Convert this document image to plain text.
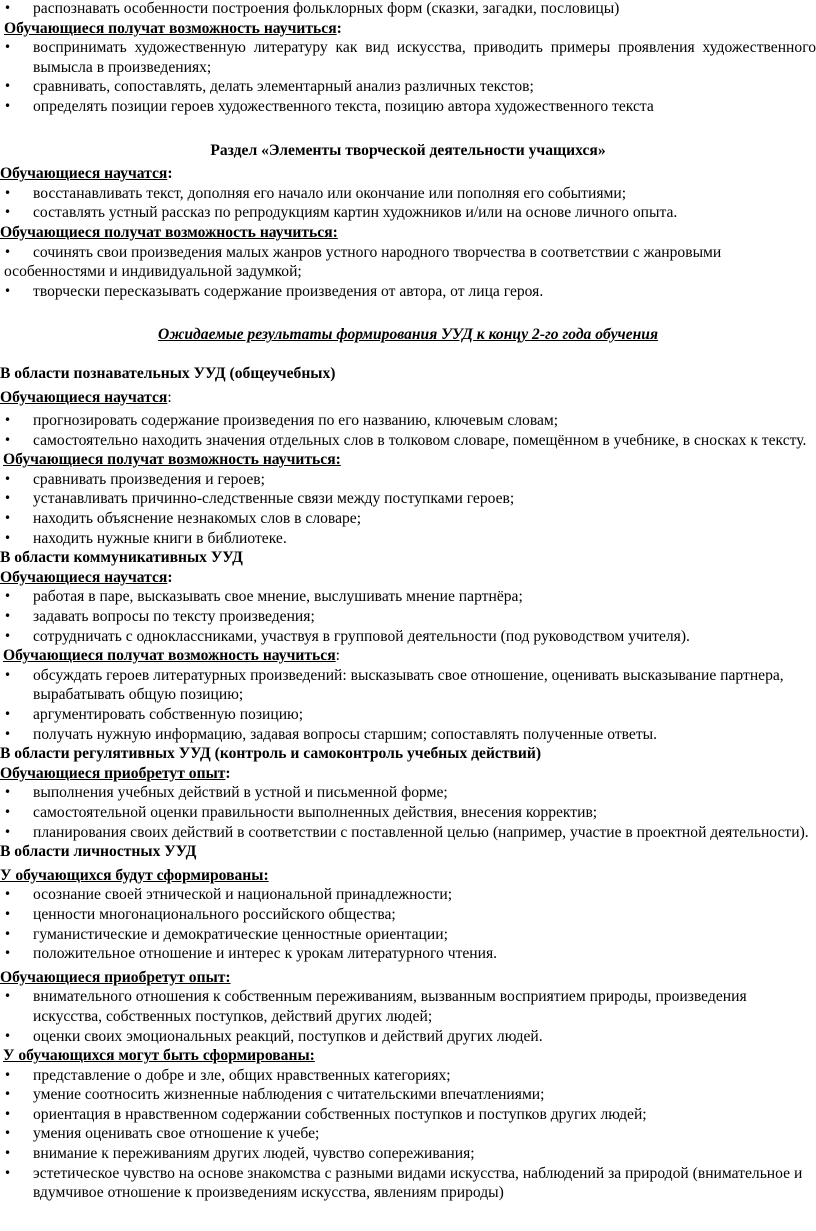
•	распознавать особенности построения фольклорных форм (сказки, загадки, пословицы)
Обучающиеся получат возможность научиться:
•	воспринимать художественную литературу как вид искусства, приводить примеры проявления художественного вымысла в произведениях;
•	сравнивать, сопоставлять, делать элементарный анализ различных текстов;
•	определять позиции героев художественного текста, позицию автора художественного текста
Раздел «Элементы творческой деятельности учащихся»
Обучающиеся научатся:
•	восстанавливать текст, дополняя его начало или окончание или пополняя его событиями;
•	составлять устный рассказ по репродукциям картин художников и/или на основе личного опыта.
Обучающиеся получат возможность научиться:
•	сочинять свои произведения малых жанров устного народного творчества в соответствии с жанровыми
особенностями и индивидуальной задумкой;
•	творчески пересказывать содержание произведения от автора, от лица героя.
Ожидаемые результаты формирования УУД к концу 2-го года обучения
В области познавательных УУД (общеучебных)
Обучающиеся научатся:
•	прогнозировать содержание произведения по его названию, ключевым словам;
•	самостоятельно находить значения отдельных слов в толковом словаре, помещённом в учебнике, в сносках к тексту.
Обучающиеся получат возможность научиться:
•	сравнивать произведения и героев;
•	устанавливать причинно-следственные связи между поступками героев;
•	находить объяснение незнакомых слов в словаре;
•	находить нужные книги в библиотеке.
В области коммуникативных УУД
Обучающиеся научатся:
•	работая в паре, высказывать свое мнение, выслушивать мнение партнёра;
•	задавать вопросы по тексту произведения;
•	сотрудничать с одноклассниками, участвуя в групповой деятельности (под руководством учителя).
Обучающиеся получат возможность научиться:
•	обсуждать героев литературных произведений: высказывать свое отношение, оценивать высказывание партнера, вырабатывать общую позицию;
•	аргументировать собственную позицию;
•	получать нужную информацию, задавая вопросы старшим; сопоставлять полученные ответы.
В области регулятивных УУД (контроль и самоконтроль учебных действий)
Обучающиеся приобретут опыт:
•	выполнения учебных действий в устной и письменной форме;
•	самостоятельной оценки правильности выполненных действия, внесения корректив;
•	планирования своих действий в соответствии с поставленной целью (например, участие в проектной деятельности).
В области личностных УУД
У обучающихся будут сформированы:
•	осознание своей этнической и национальной принадлежности;
•	ценности многонационального российского общества;
•	гуманистические и демократические ценностные ориентации;
•	положительное отношение и интерес к урокам литературного чтения.
Обучающиеся приобретут опыт:
•	внимательного отношения к собственным переживаниям, вызванным восприятием природы, произведения искусства, собственных поступков, действий других людей;
•	оценки своих эмоциональных реакций, поступков и действий других людей.
У обучающихся могут быть сформированы:
•	представление о добре и зле, общих нравственных категориях;
•	умение соотносить жизненные наблюдения с читательскими впечатлениями;
•	ориентация в нравственном содержании собственных поступков и поступков других людей;
•	умения оценивать свое отношение к учебе;
•	внимание к переживаниям других людей, чувство сопереживания;
•	эстетическое чувство на основе знакомства с разными видами искусства, наблюдений за природой (внимательное и вдумчивое отношение к произведениям искусства, явлениям природы)
